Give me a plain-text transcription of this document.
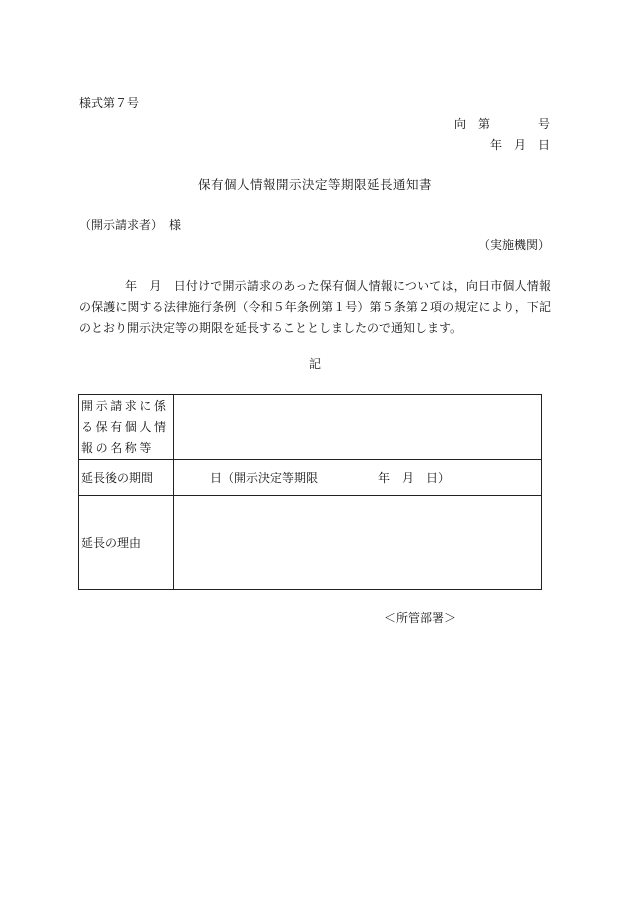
様式第７号
向　第　　　　号
年　月　日
保有個人情報開示決定等期限延長通知書
（開示請求者）　様
（実施機関）
年　月　日付けで開示請求のあった保有個人情報については，向日市個人情報の保護に関する法律施行条例（令和５年条例第１号）第５条第２項の規定により，下記のとおり開示決定等の期限を延長することとしましたので通知します。
記
開示請求に係る保有個人情報の名称等	
延長後の期間	日（開示決定等期限　　　　　年　月　日）
延長の理由	
＜所管部署＞
